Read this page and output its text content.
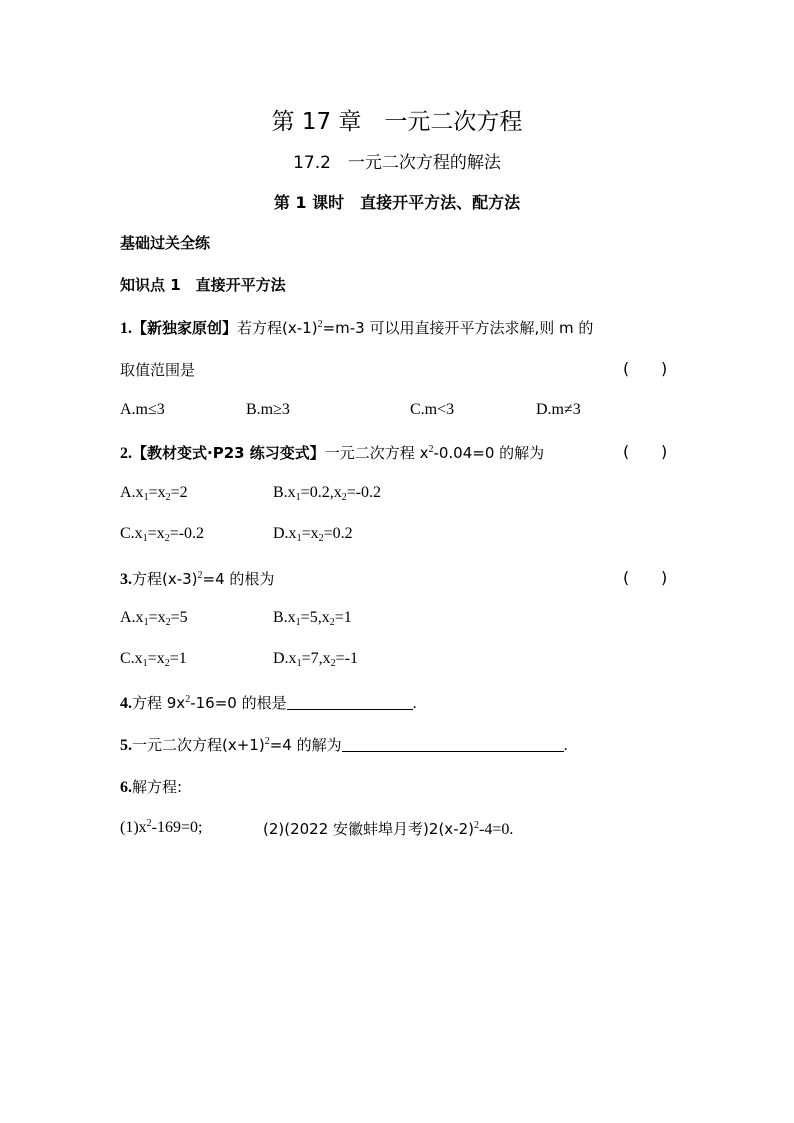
第 17 章　一元二次方程
17.2　一元二次方程的解法
第 1 课时　直接开平方法、配方法
基础过关全练
知识点 1　直接开平方法
1.【新独家原创】若方程$(x-1)^2=m-3$ 可以用直接开平方法求解,则 m 的
取值范围是	( )
A.m≤3	B.m≥3	C.m<3	D.m≠3
2.【教材变式·P23 练习变式】一元二次方程 $x^2-0.04=0$ 的解为	( )
$A.x_1=x_2=2$	$B.x_1=0.2,x_2=-0.2$
$C.x_1=x_2=-0.2$	$D.x_1=x_2=0.2$
3.方程$(x-3)^2=4$ 的根为	( )
$A.x_1=x_2=5$	$B.x_1=5,x_2=1$
$C.x_1=x_2=1$	$D.x_1=7,x_2=-1$
4.方程 $9x^2-16=0$ 的根是	.
5.一元二次方程$(x+1)^2=4$ 的解为	.
6.解方程:
$(1)x^2-169=0$;	(2)(2022 安徽蚌埠月考)$2(x-2)^2-4=0$.
